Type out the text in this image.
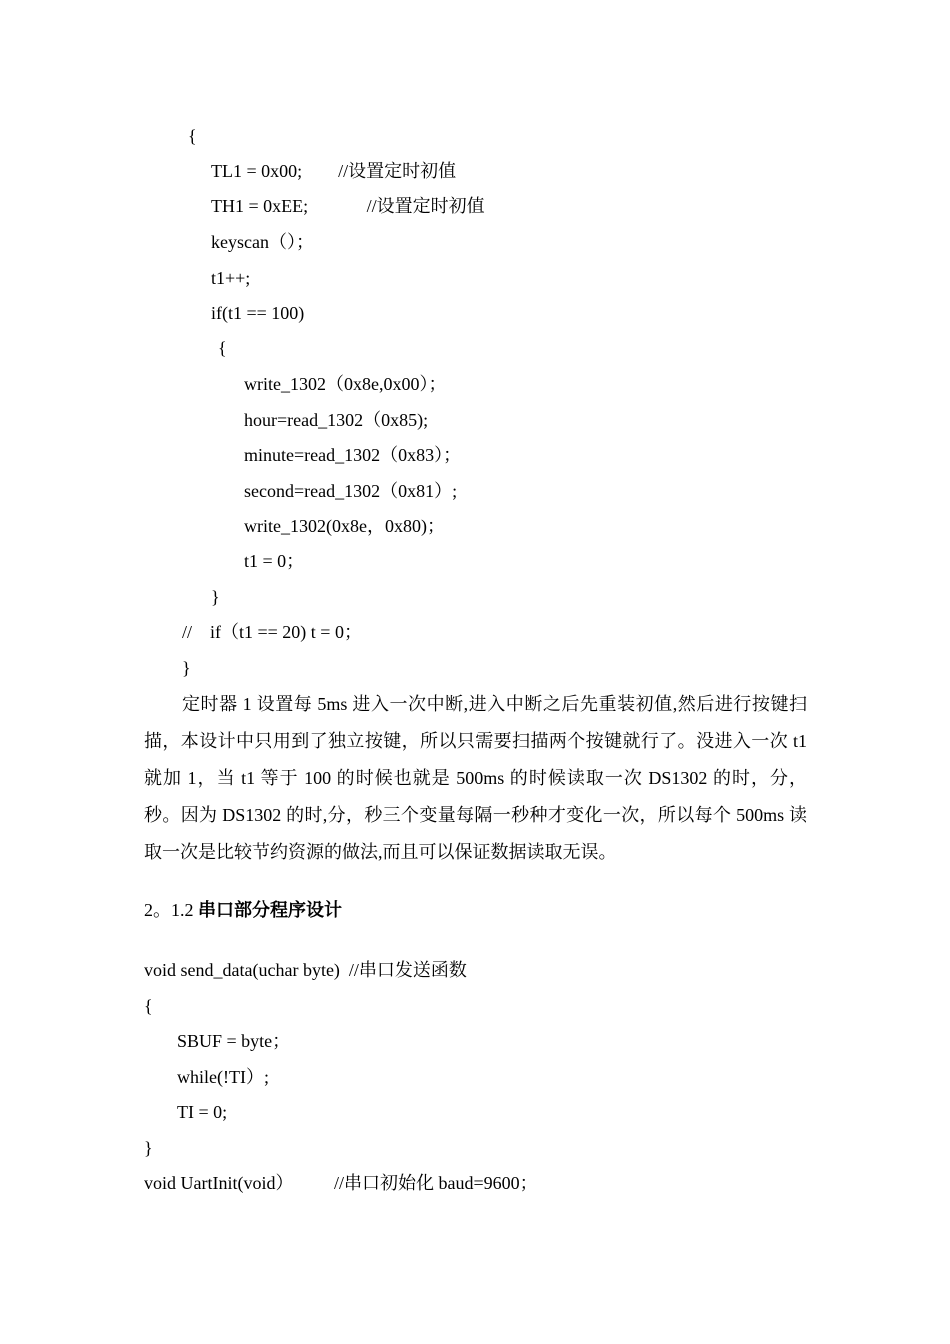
{

TL1 = 0x00;        //设置定时初值

TH1 = 0xEE;             //设置定时初值

keyscan（）；

t1++;

if(t1 == 100)

{

write_1302（0x8e,0x00）；

hour=read_1302（0x85);

minute=read_1302（0x83）；

second=read_1302（0x81）;

write_1302(0x8e，0x80)；

t1 = 0；

}

//    if（t1 == 20) t = 0；

}

定时器 1 设置每 5ms 进入一次中断,进入中断之后先重装初值,然后进行按键扫描，本设计中只用到了独立按键，所以只需要扫描两个按键就行了。没进入一次 t1 就加 1，当 t1 等于 100 的时候也就是 500ms 的时候读取一次 DS1302 的时，分，秒。因为 DS1302 的时,分，秒三个变量每隔一秒种才变化一次，所以每个 500ms 读取一次是比较节约资源的做法,而且可以保证数据读取无误。

2。1.2 串口部分程序设计

void send_data(uchar byte)  //串口发送函数

{

SBUF = byte；

while(!TI）;

TI = 0;

}

void UartInit(void）         //串口初始化 baud=9600；
